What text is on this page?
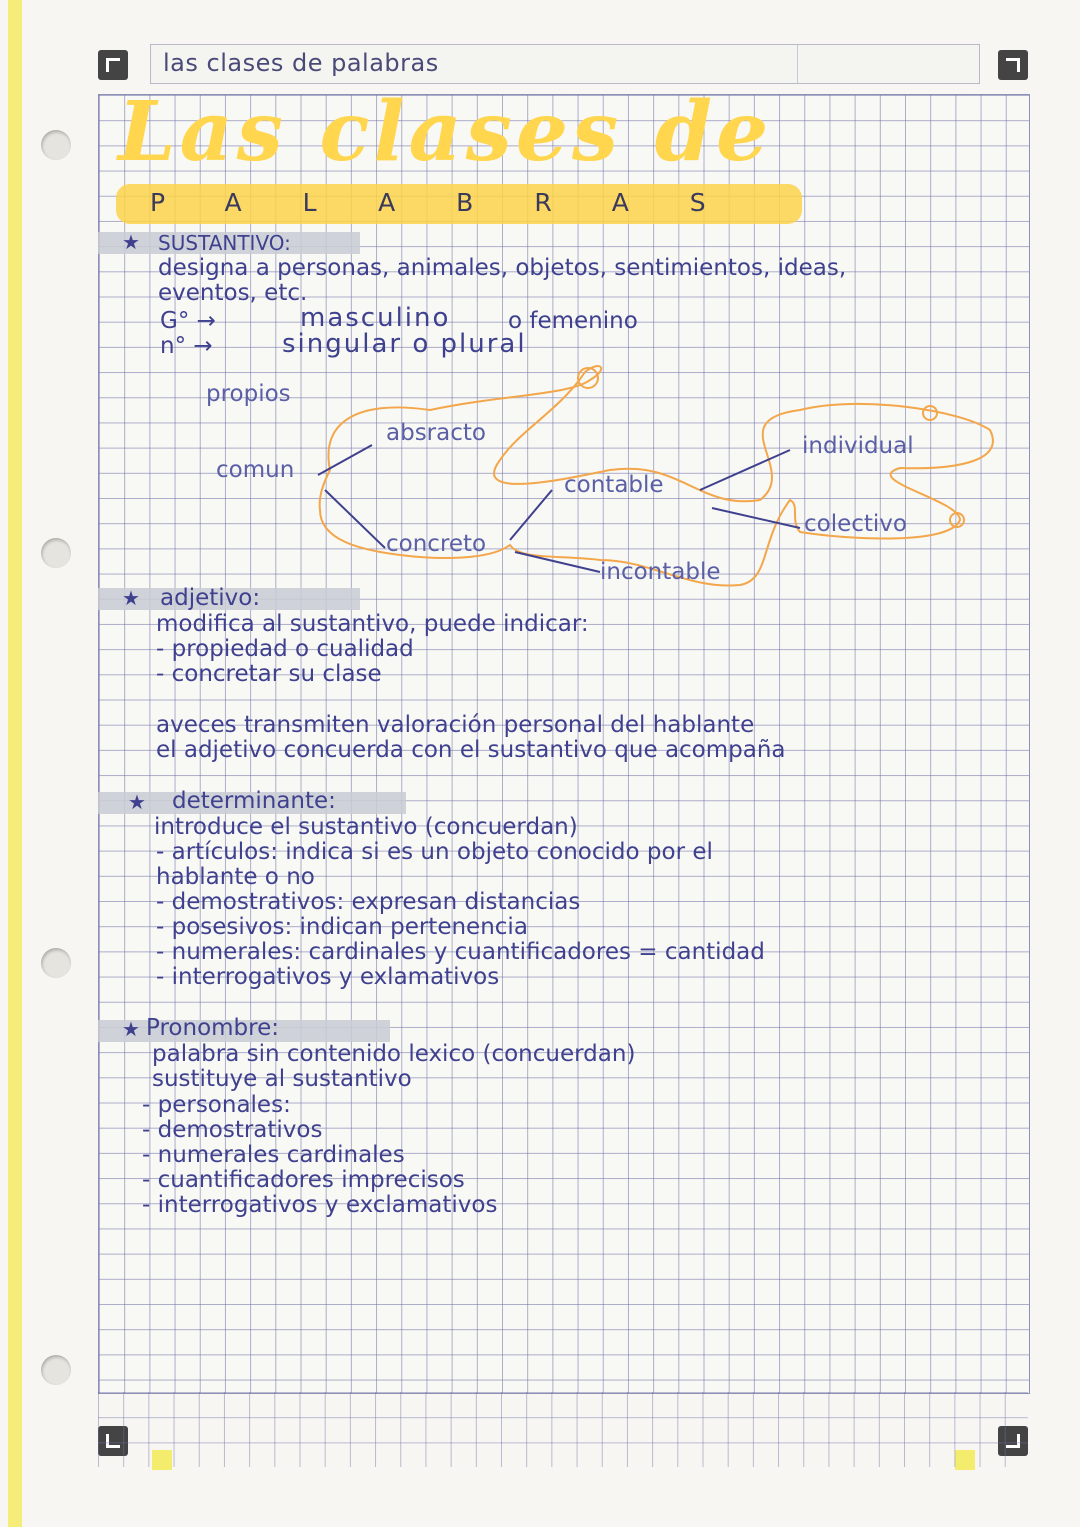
las clases de palabras
Las clases de
PALABRAS
★ SUSTANTIVO:
designa a personas, animales, objetos, sentimientos, ideas,
eventos, etc.
G° →	masculino	o femenino
n° →	singular o plural
propios
comun
absracto
concreto
contable
incontable
individual
colectivo
★ adjetivo:
modifica al sustantivo, puede indicar:
- propiedad o cualidad
- concretar su clase
aveces transmiten valoración personal del hablante
el adjetivo concuerda con el sustantivo que acompaña
★ determinante:
introduce el sustantivo (concuerdan)
- artículos: indica si es un objeto conocido por el
hablante o no
- demostrativos: expresan distancias
- posesivos: indican pertenencia
- numerales: cardinales y cuantificadores = cantidad
- interrogativos y exlamativos
★ Pronombre:
palabra sin contenido lexico (concuerdan)
sustituye al sustantivo
- personales:
- demostrativos
- numerales cardinales
- cuantificadores imprecisos
- interrogativos y exclamativos
